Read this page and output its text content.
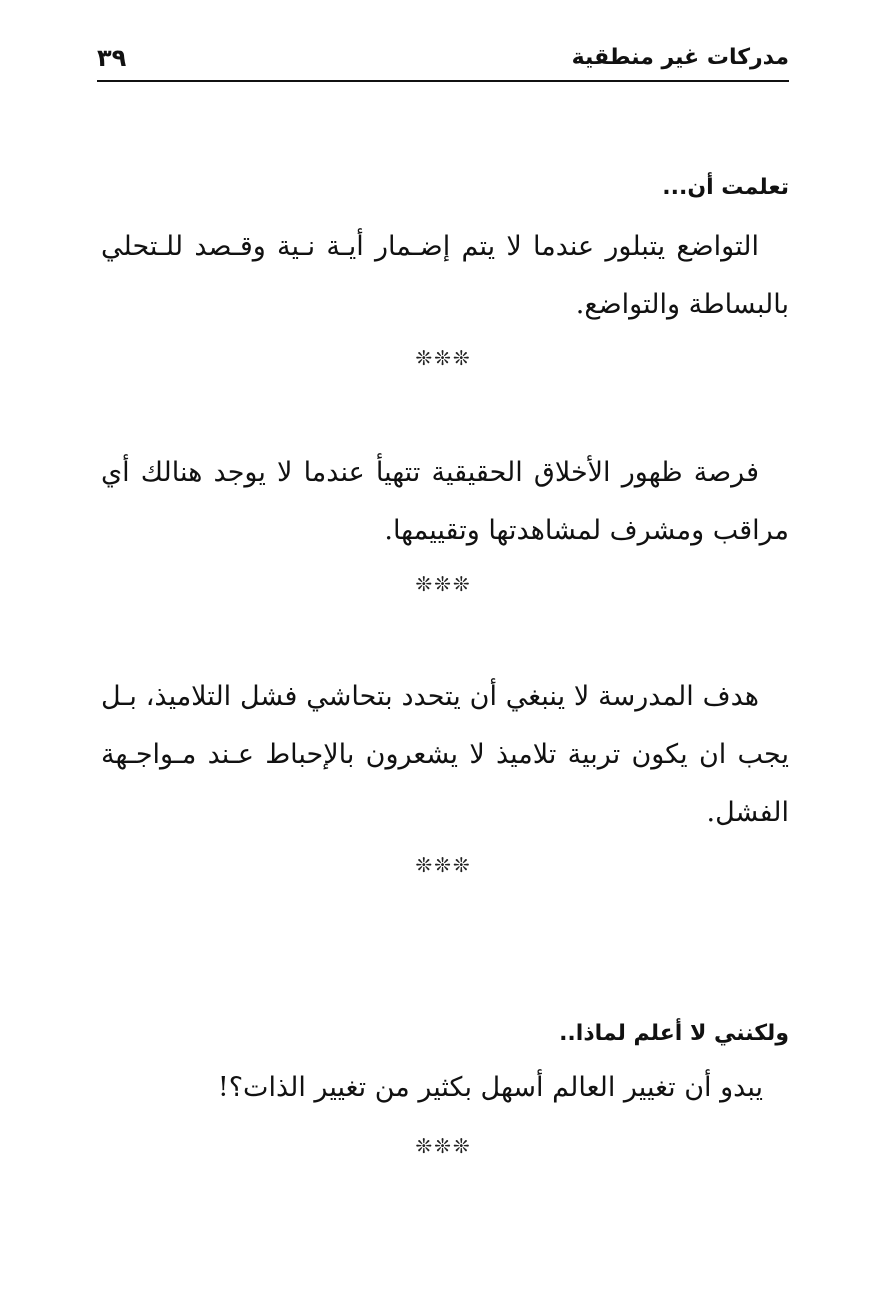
مدركات غير منطقية
٣٩
تعلمت أن...

التواضع يتبلور عندما لا يتم إضـمار أيـة نـية وقـصد للـتحلي بالبساطة والتواضع.

❊❊❊

فرصة ظهور الأخلاق الحقيقية تتهيأ عندما لا يوجد هنالك أي مراقب ومشرف لمشاهدتها وتقييمها.

❊❊❊

هدف المدرسة لا ينبغي أن يتحدد بتحاشي فشل التلاميذ، بـل يجب ان يكون تربية تلاميذ لا يشعرون بالإحباط عـند مـواجـهة الفشل.

❊❊❊
ولكنني لا أعلم لماذا..

يبدو أن تغيير العالم أسهل بكثير من تغيير الذات؟!

❊❊❊
